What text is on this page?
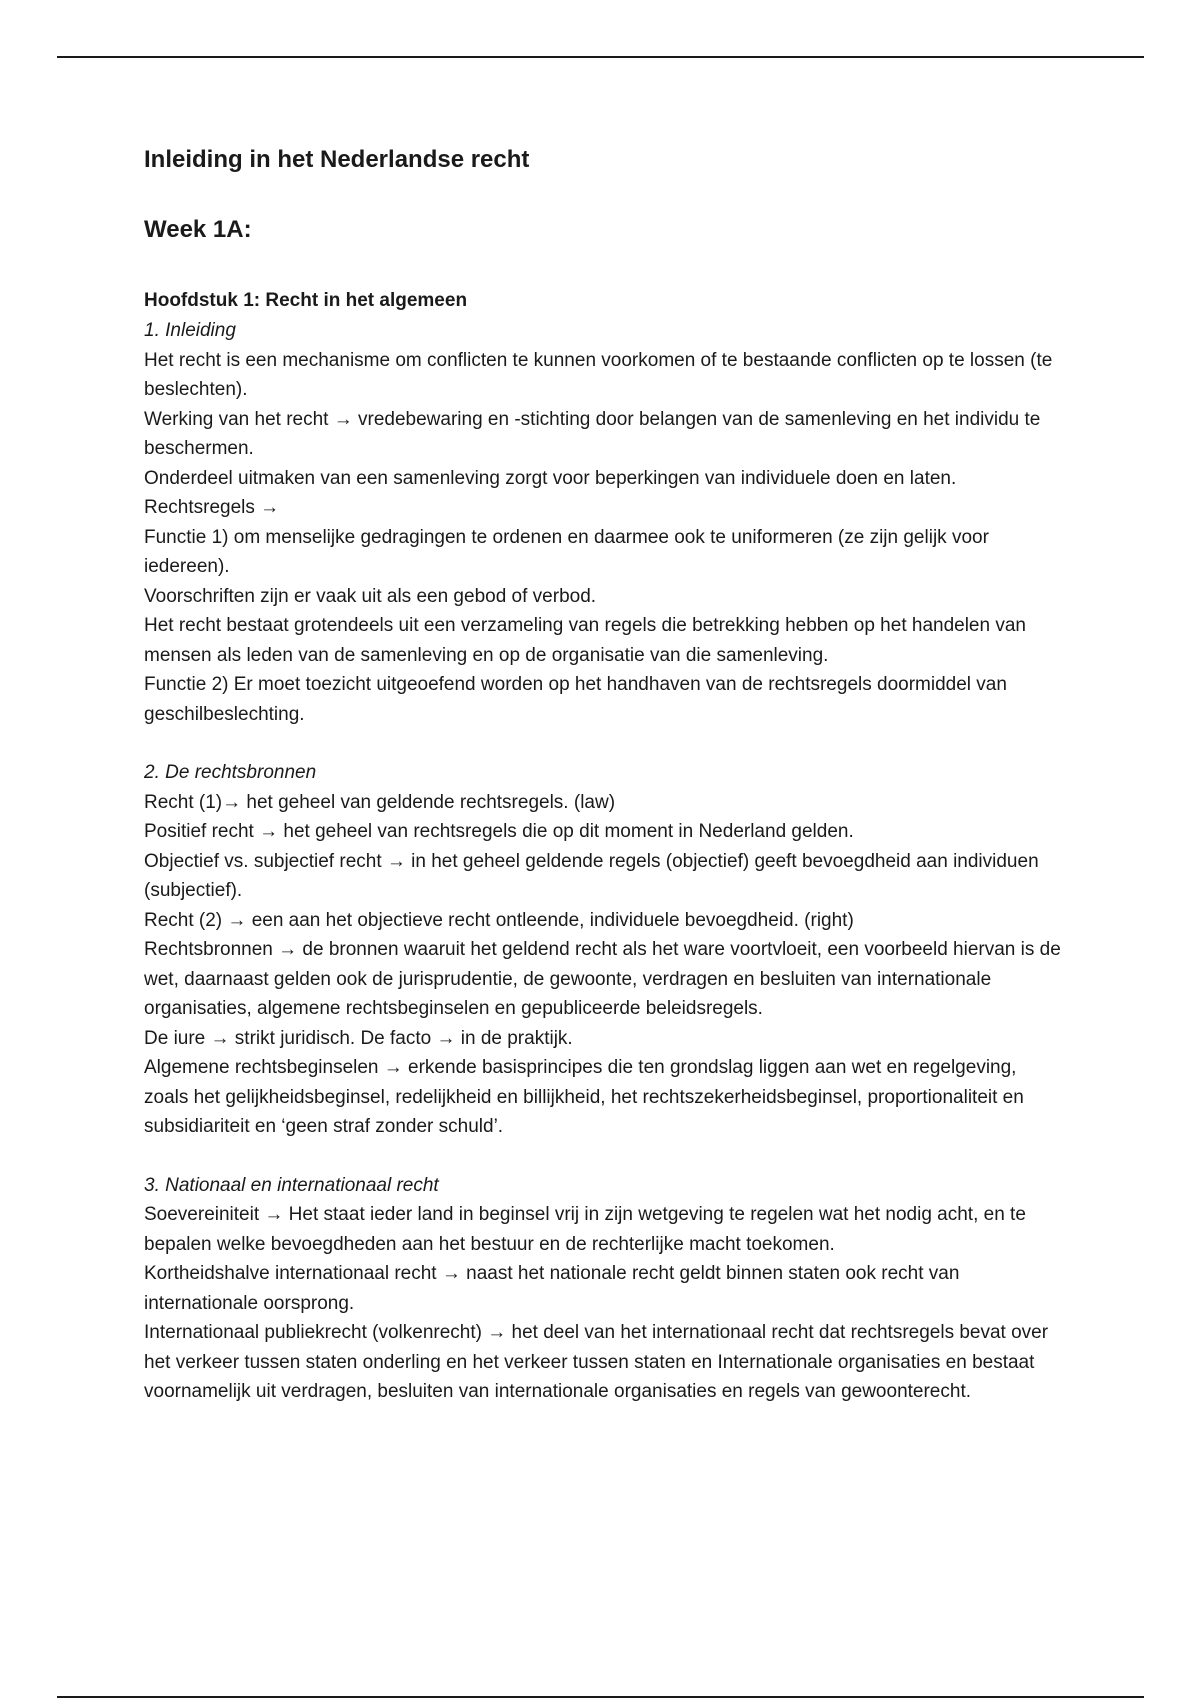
Inleiding in het Nederlandse recht
Week 1A:
Hoofdstuk 1: Recht in het algemeen

1. Inleiding

Het recht is een mechanisme om conflicten te kunnen voorkomen of te bestaande conflicten op te lossen (te beslechten).

Werking van het recht → vredebewaring en -stichting door belangen van de samenleving en het individu te beschermen.

Onderdeel uitmaken van een samenleving zorgt voor beperkingen van individuele doen en laten.

Rechtsregels →

Functie 1) om menselijke gedragingen te ordenen en daarmee ook te uniformeren (ze zijn gelijk voor iedereen).

Voorschriften zijn er vaak uit als een gebod of verbod.

Het recht bestaat grotendeels uit een verzameling van regels die betrekking hebben op het handelen van mensen als leden van de samenleving en op de organisatie van die samenleving.

Functie 2) Er moet toezicht uitgeoefend worden op het handhaven van de rechtsregels doormiddel van geschilbeslechting.

2. De rechtsbronnen

Recht (1)→ het geheel van geldende rechtsregels. (law)

Positief recht → het geheel van rechtsregels die op dit moment in Nederland gelden.

Objectief vs. subjectief recht → in het geheel geldende regels (objectief) geeft bevoegdheid aan individuen (subjectief).

Recht (2) → een aan het objectieve recht ontleende, individuele bevoegdheid. (right)

Rechtsbronnen → de bronnen waaruit het geldend recht als het ware voortvloeit, een voorbeeld hiervan is de wet, daarnaast gelden ook de jurisprudentie, de gewoonte, verdragen en besluiten van internationale organisaties, algemene rechtsbeginselen en gepubliceerde beleidsregels.

De iure → strikt juridisch. De facto → in de praktijk.

Algemene rechtsbeginselen → erkende basisprincipes die ten grondslag liggen aan wet en regelgeving, zoals het gelijkheidsbeginsel, redelijkheid en billijkheid, het rechtszekerheidsbeginsel, proportionaliteit en subsidiariteit en ‘geen straf zonder schuld’.

3. Nationaal en internationaal recht

Soevereiniteit → Het staat ieder land in beginsel vrij in zijn wetgeving te regelen wat het nodig acht, en te bepalen welke bevoegdheden aan het bestuur en de rechterlijke macht toekomen.

Kortheidshalve internationaal recht → naast het nationale recht geldt binnen staten ook recht van internationale oorsprong.

Internationaal publiekrecht (volkenrecht) → het deel van het internationaal recht dat rechtsregels bevat over het verkeer tussen staten onderling en het verkeer tussen staten en Internationale organisaties en bestaat voornamelijk uit verdragen, besluiten van internationale organisaties en regels van gewoonterecht.
